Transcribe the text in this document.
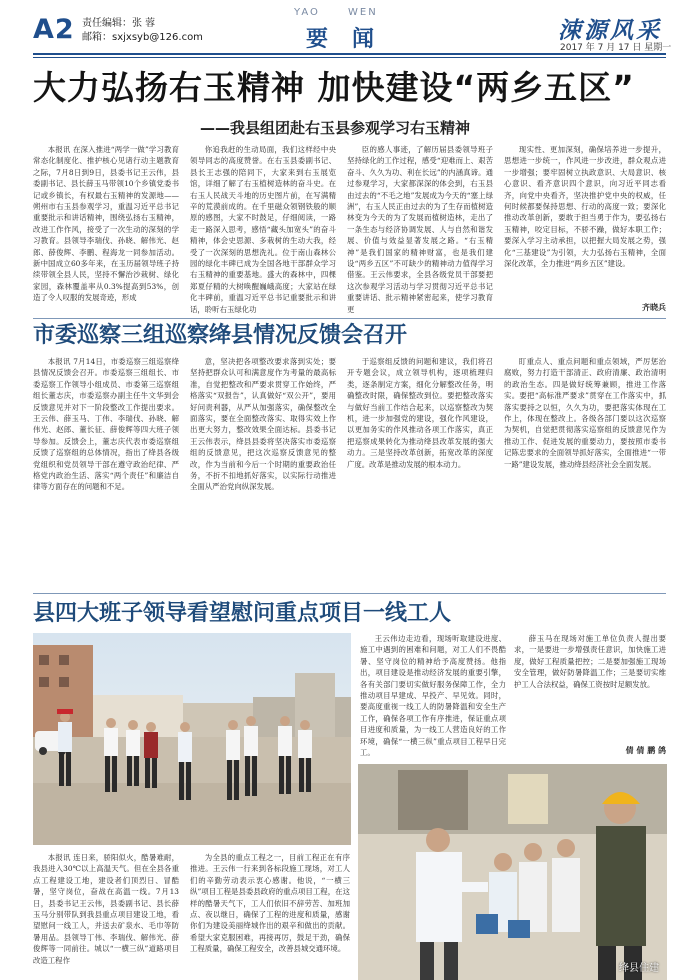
A2 责任编辑：张 蓉
邮箱：sxjxsyb@126.com
YAO	WEN
要 闻	涑源风采
2017 年 7 月 17 日 星期一
大力弘扬右玉精神 加快建设“两乡五区”
——我县组团赴右玉县参观学习右玉精神

本报讯 在深入推进“两学一做”学习教育常态化制度化、推护核心见诸行动主题教育之际，7月8日到9日，县委书记王云伟，县委副书记、县长薛玉马带领10个乡镇党委书记或乡镇长，有权最右玉精神的发源地——朔州市右玉县参观学习，重温习近平总书记重要批示和讲话精神，围绕弘扬右玉精神，改进工作作风，接受了一次生动的深刻的学习教育。县领导李瑞伐、孙晓、解伟光、赵郎、薛俊辉、李鹏、程海龙一同参加活动。新中国成立60多年来，在玉历届领导班子持续带领全县人民，坚持不懈治沙栽树、绿化家园，森林覆盖率从0.3%提高到53%，创造了令人叹服的发展奇迹，形成

你追我赶的生动局面，我们这样经中央领导同志的高度赞誉。在右玉县委副书记、县长王志强的陪同下，大家来到右玉展览馆，详细了解了右玉植树造林的奋斗史。在右玉人民战天斗地的历史图片前，在写满精辛的荒漠前成的。在千里磁众领钢铁般的顺原的感图，大家不时鼓足，仔细阅读，一路走一路深入思考，感悟“藏头加宽头”的奋斗精神，体会史思源、多栽树的生动大我，经受了一次深刻的思想洗礼。位于南山森林公园的绿化丰碑已成为全国各地干部群众学习右玉精神的重要基地。盛大的森林中，四棵郑夏仔精的大树唤醒巍峨高度；大家站在绿化丰碑前，重温习近平总书记重要批示和讲话，聆听右玉绿化功

臣的感人事迹，了解历届县委领导班子坚持绿化的工作过程，感受“迎难而上、艰苦奋斗、久久为功、利在长远”的内涵真谛。通过参观学习，大家都深深的体会到，右玉县由过去的“不毛之地”发展成为今天的“塞上绿洲”，右玉人民正由过去的为了生存而植树造林变为今天的为了发展而植树造林，走出了一条生态与经济协调发展、人与自然和谐发展、价值与效益显著发展之路。“右玉精神”是我们国家的精神财富，也是我们建设“两乡五区”不可缺少的精神动力值得学习借鉴。王云伟要求，全县各级党员干部要把这次参观学习活动与学习贯彻习近平总书记重要讲话、批示精神紧密起来，使学习教育更

现实性、更加深刻，确保培养进一步提升，思想进一步统一，作风进一步改进，群众观点进一步增强；要牢固树立执政意识、大局意识、核心意识、看齐意识四个意识，向习近平同志看齐，向党中央看齐，坚决推护党中央的权威，任何时候都要保持思想、行动的高度一致；要深化推动改革创新，要敢于担当勇于作为，要弘扬右玉精神，咬定目标，不骄不躁，做好本职工作；要深入学习主动承担，以把握大局发展之势，强化“三基建设”为引领，大力弘扬右玉精神，全面深化改革，全力推进“两乡五区”建设。

齐晓兵
市委巡察三组巡察绛县情况反馈会召开

本报讯 7月14日，市委巡察三组巡察绛县情况反馈会召开。市委巡察三组组长、市委巡察工作领导小组成员、市委第三巡察组组长董志庆，市委巡察办副主任牛文华到会反馈意见并对下一阶段整改工作提出要求。王云伟、薛玉马、丁伟、李瑞伐、孙晓、解伟光、赵郎、董长征、薛俊辉等四大班子领导参加。反馈会上，董志庆代表市委巡察组反馈了巡察组的总体情况，指出了绛县各级党组织和党员领导干部在遵守政治纪律、严格党内政治生活、落实“两个责任”和廉洁自律等方面存在的问题和不足。

意，坚决把各项整改要求落到实处；要坚持把群众认可和满意度作为考量的最高标准，自觉把整改和严要求贯穿工作始终，严格落实“双报告”，认真做好“双公开”，要用好问责利器，从严从加强落实，确保整改全面落实，要在全面整改落实、取得实效上作出更大努力，整改效果全面达标。县委书记王云伟表示，绛县县委将坚决落实市委巡察组的反馈意见，把这次巡察反馈意见的整改，作为当前和今后一个时期的重要政治任务，不折不扣地抓好落实，以实际行动推进全面从严治党向纵深发展。

于巡察组反馈的问题和建议，我们将召开专题会议，成立领导机构，逐项梳理归类，逐条制定方案，细化分解整改任务，明确整改时限，确保整改到位。要把整改落实与做好当前工作结合起来，以巡察整改为契机，进一步加强党的建设，强化作风建设，以更加务实的作风推动各项工作落实，真正把巡察成果转化为推动绛县改革发展的强大动力。三是坚持改革创新，拓宽改革的深度广度。改革是推动发展的根本动力。

盯重点人、重点问题和重点领域，严厉惩治腐败，努力打造干部清正、政府清廉、政治清明的政治生态。四是做好统筹兼顾，推进工作落实。要把“高标准严要求”贯穿在工作落实中，抓落实要持之以恒，久久为功，要把落实体现在工作上，体现在整改上。各级各部门要以这次巡察为契机，自觉把贯彻落实巡察组的反馈意见作为推动工作、促进发展的重要动力，要按照市委书记陈忠要求的全面领导抓好落实，全面推进“一带一路”建设发展，推动绛县经济社会全面发展。

县四大班子领导看望慰问重点项目一线工人

王云伟边走边看，现场听取建设进度、施工中遇到的困难和问题，对工人们不畏酷暑、坚守岗位的精神给予高度赞扬。他指出，项目建设是推动经济发展的重要引擎，各有关部门要切实做好服务保障工作，全力推动项目早建成、早投产、早见效。同时，要高度重视一线工人的防暑降温和安全生产工作，确保各项工作有序推进，保证重点项目进度和质量，为一线工人营造良好的工作环境，确保“一横三纵”重点项目工程早日完工。

薛玉马在现场对施工单位负责人提出要求，一是要进一步增强责任意识，加快施工进度，做好工程质量把控；二是要加强施工现场安全管理，做好防暑降温工作；三是要切实维护工人合法权益，确保工资按时足额发放。

倩 倩 鹏 鸽
绛县住建

本报讯 连日来，骄阳似火，酷暑难耐，我县进入30℃以上高温天气。但在全县各重点工程建设工地，建设者们顶烈日、冒酷暑，坚守岗位，奋战在高温一线。7月13日，县委书记王云伟，县委副书记、县长薛玉马分别带队到我县重点项目建设工地，看望慰问一线工人，并送去矿泉水、毛巾等防暑用品。县领导丁伟、李瑞伐、解伟光、薛俊辉等一同前往。城以“一横三纵”道路项目改造工程作

为全县的重点工程之一，目前工程正在有序推进。王云伟一行来到各标段施工现场，对工人们的辛勤劳动表示衷心感谢。他说，“一横三纵”项目工程是县委县政府的重点项目工程，在这样的酷暑天气下，工人们依旧不辞劳苦、加班加点、夜以继日，确保了工程的进度和质量，感谢你们为建设美丽绛城作出的艰辛和做出的贡献。希望大家克服困难，再接再厉，鼓足干劲，确保工程质量，确保工程安全，改善县城交通环境。
